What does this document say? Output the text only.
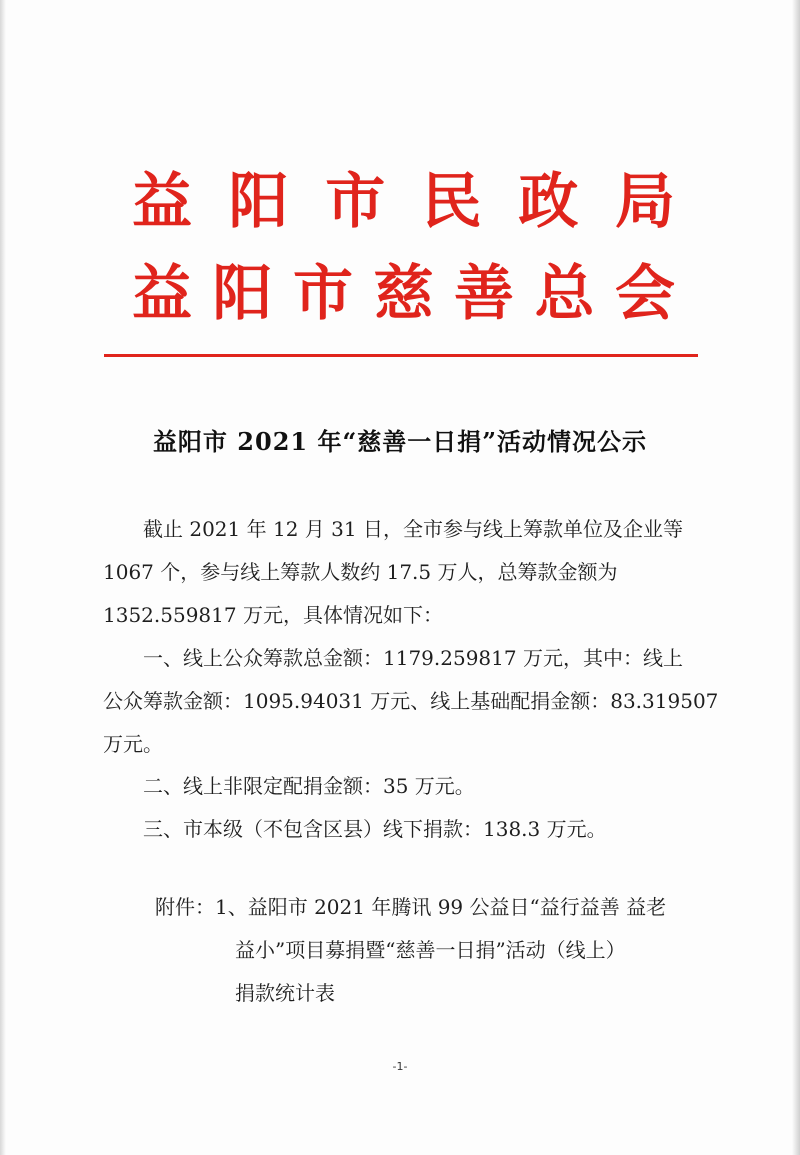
益 阳 市 民 政 局
益 阳 市 慈 善 总 会
益阳市 2021 年“慈善一日捐”活动情况公示
　　截止 2021 年 12 月 31 日，全市参与线上筹款单位及企业等
1067 个，参与线上筹款人数约 17.5 万人，总筹款金额为
1352.559817 万元，具体情况如下：
　　一、线上公众筹款总金额：1179.259817 万元，其中：线上
公众筹款金额：1095.94031 万元、线上基础配捐金额：83.319507
万元。
　　二、线上非限定配捐金额：35 万元。
　　三、市本级（不包含区县）线下捐款：138.3 万元。
附件：1、益阳市 2021 年腾讯 99 公益日“益行益善 益老
　　　　益小”项目募捐暨“慈善一日捐”活动（线上）
　　　　捐款统计表
-1-
